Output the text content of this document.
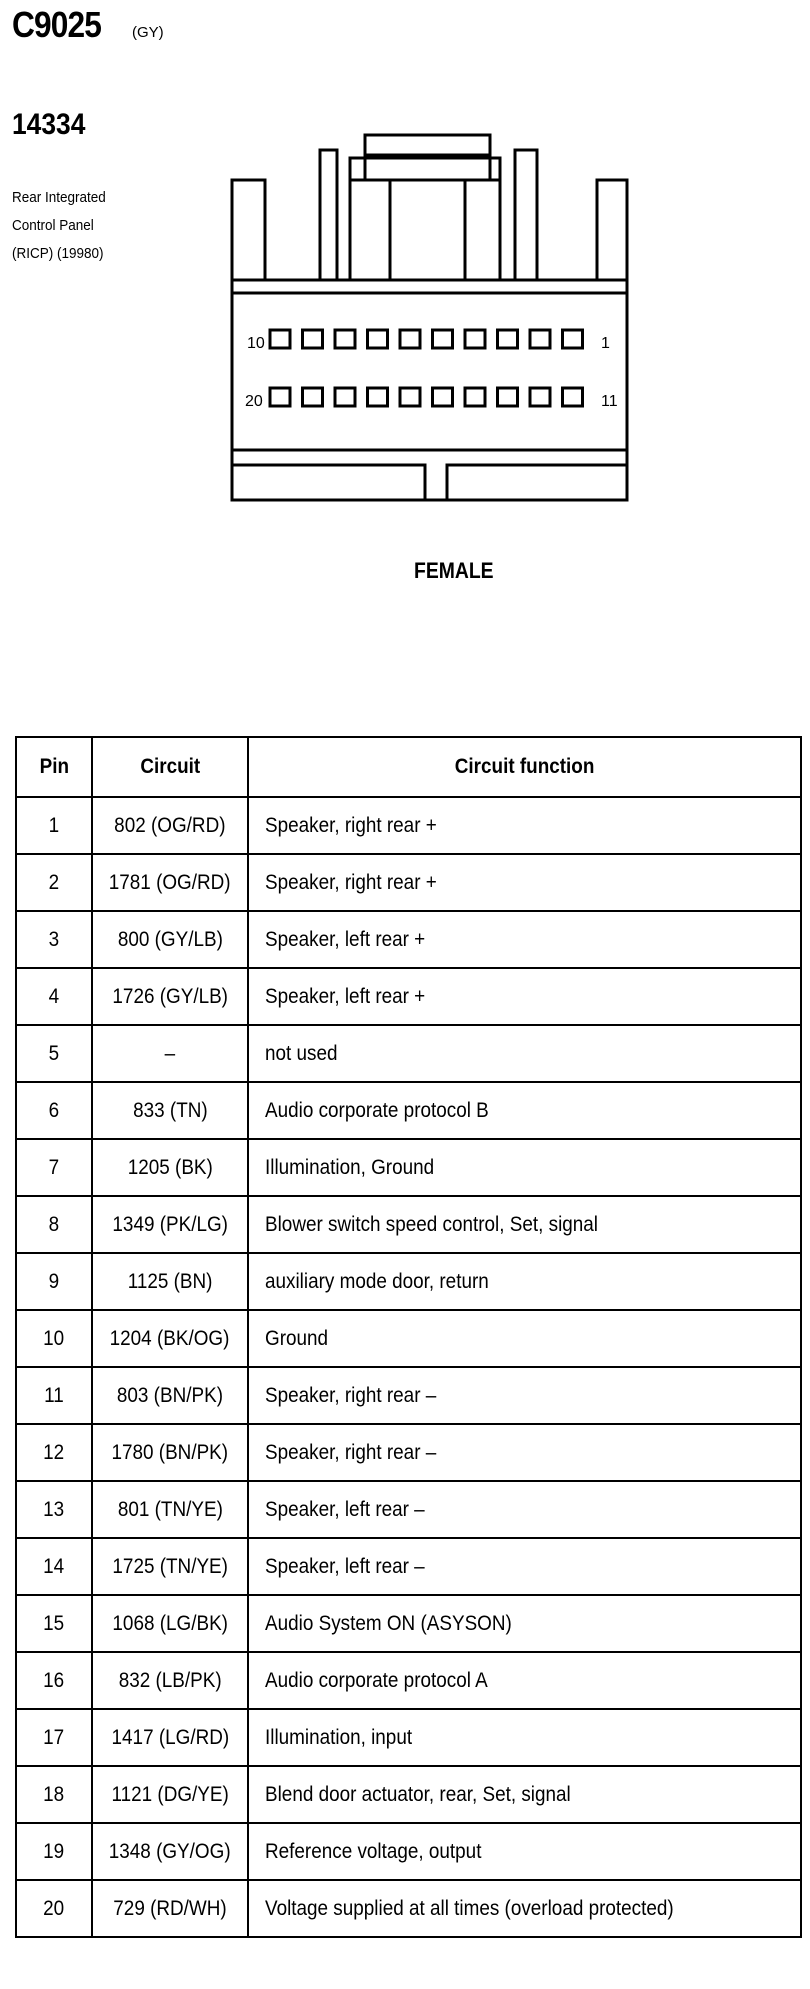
C9025 (GY)
14334
Rear Integrated
Control Panel
(RICP) (19980)
10	1
20	11
FEMALE
Pin	Circuit	Circuit function
1	802 (OG/RD)	Speaker, right rear +
2	1781 (OG/RD)	Speaker, right rear +
3	800 (GY/LB)	Speaker, left rear +
4	1726 (GY/LB)	Speaker, left rear +
5	–	not used
6	833 (TN)	Audio corporate protocol B
7	1205 (BK)	Illumination, Ground
8	1349 (PK/LG)	Blower switch speed control, Set, signal
9	1125 (BN)	auxiliary mode door, return
10	1204 (BK/OG)	Ground
11	803 (BN/PK)	Speaker, right rear –
12	1780 (BN/PK)	Speaker, right rear –
13	801 (TN/YE)	Speaker, left rear –
14	1725 (TN/YE)	Speaker, left rear –
15	1068 (LG/BK)	Audio System ON (ASYSON)
16	832 (LB/PK)	Audio corporate protocol A
17	1417 (LG/RD)	Illumination, input
18	1121 (DG/YE)	Blend door actuator, rear, Set, signal
19	1348 (GY/OG)	Reference voltage, output
20	729 (RD/WH)	Voltage supplied at all times (overload protected)
